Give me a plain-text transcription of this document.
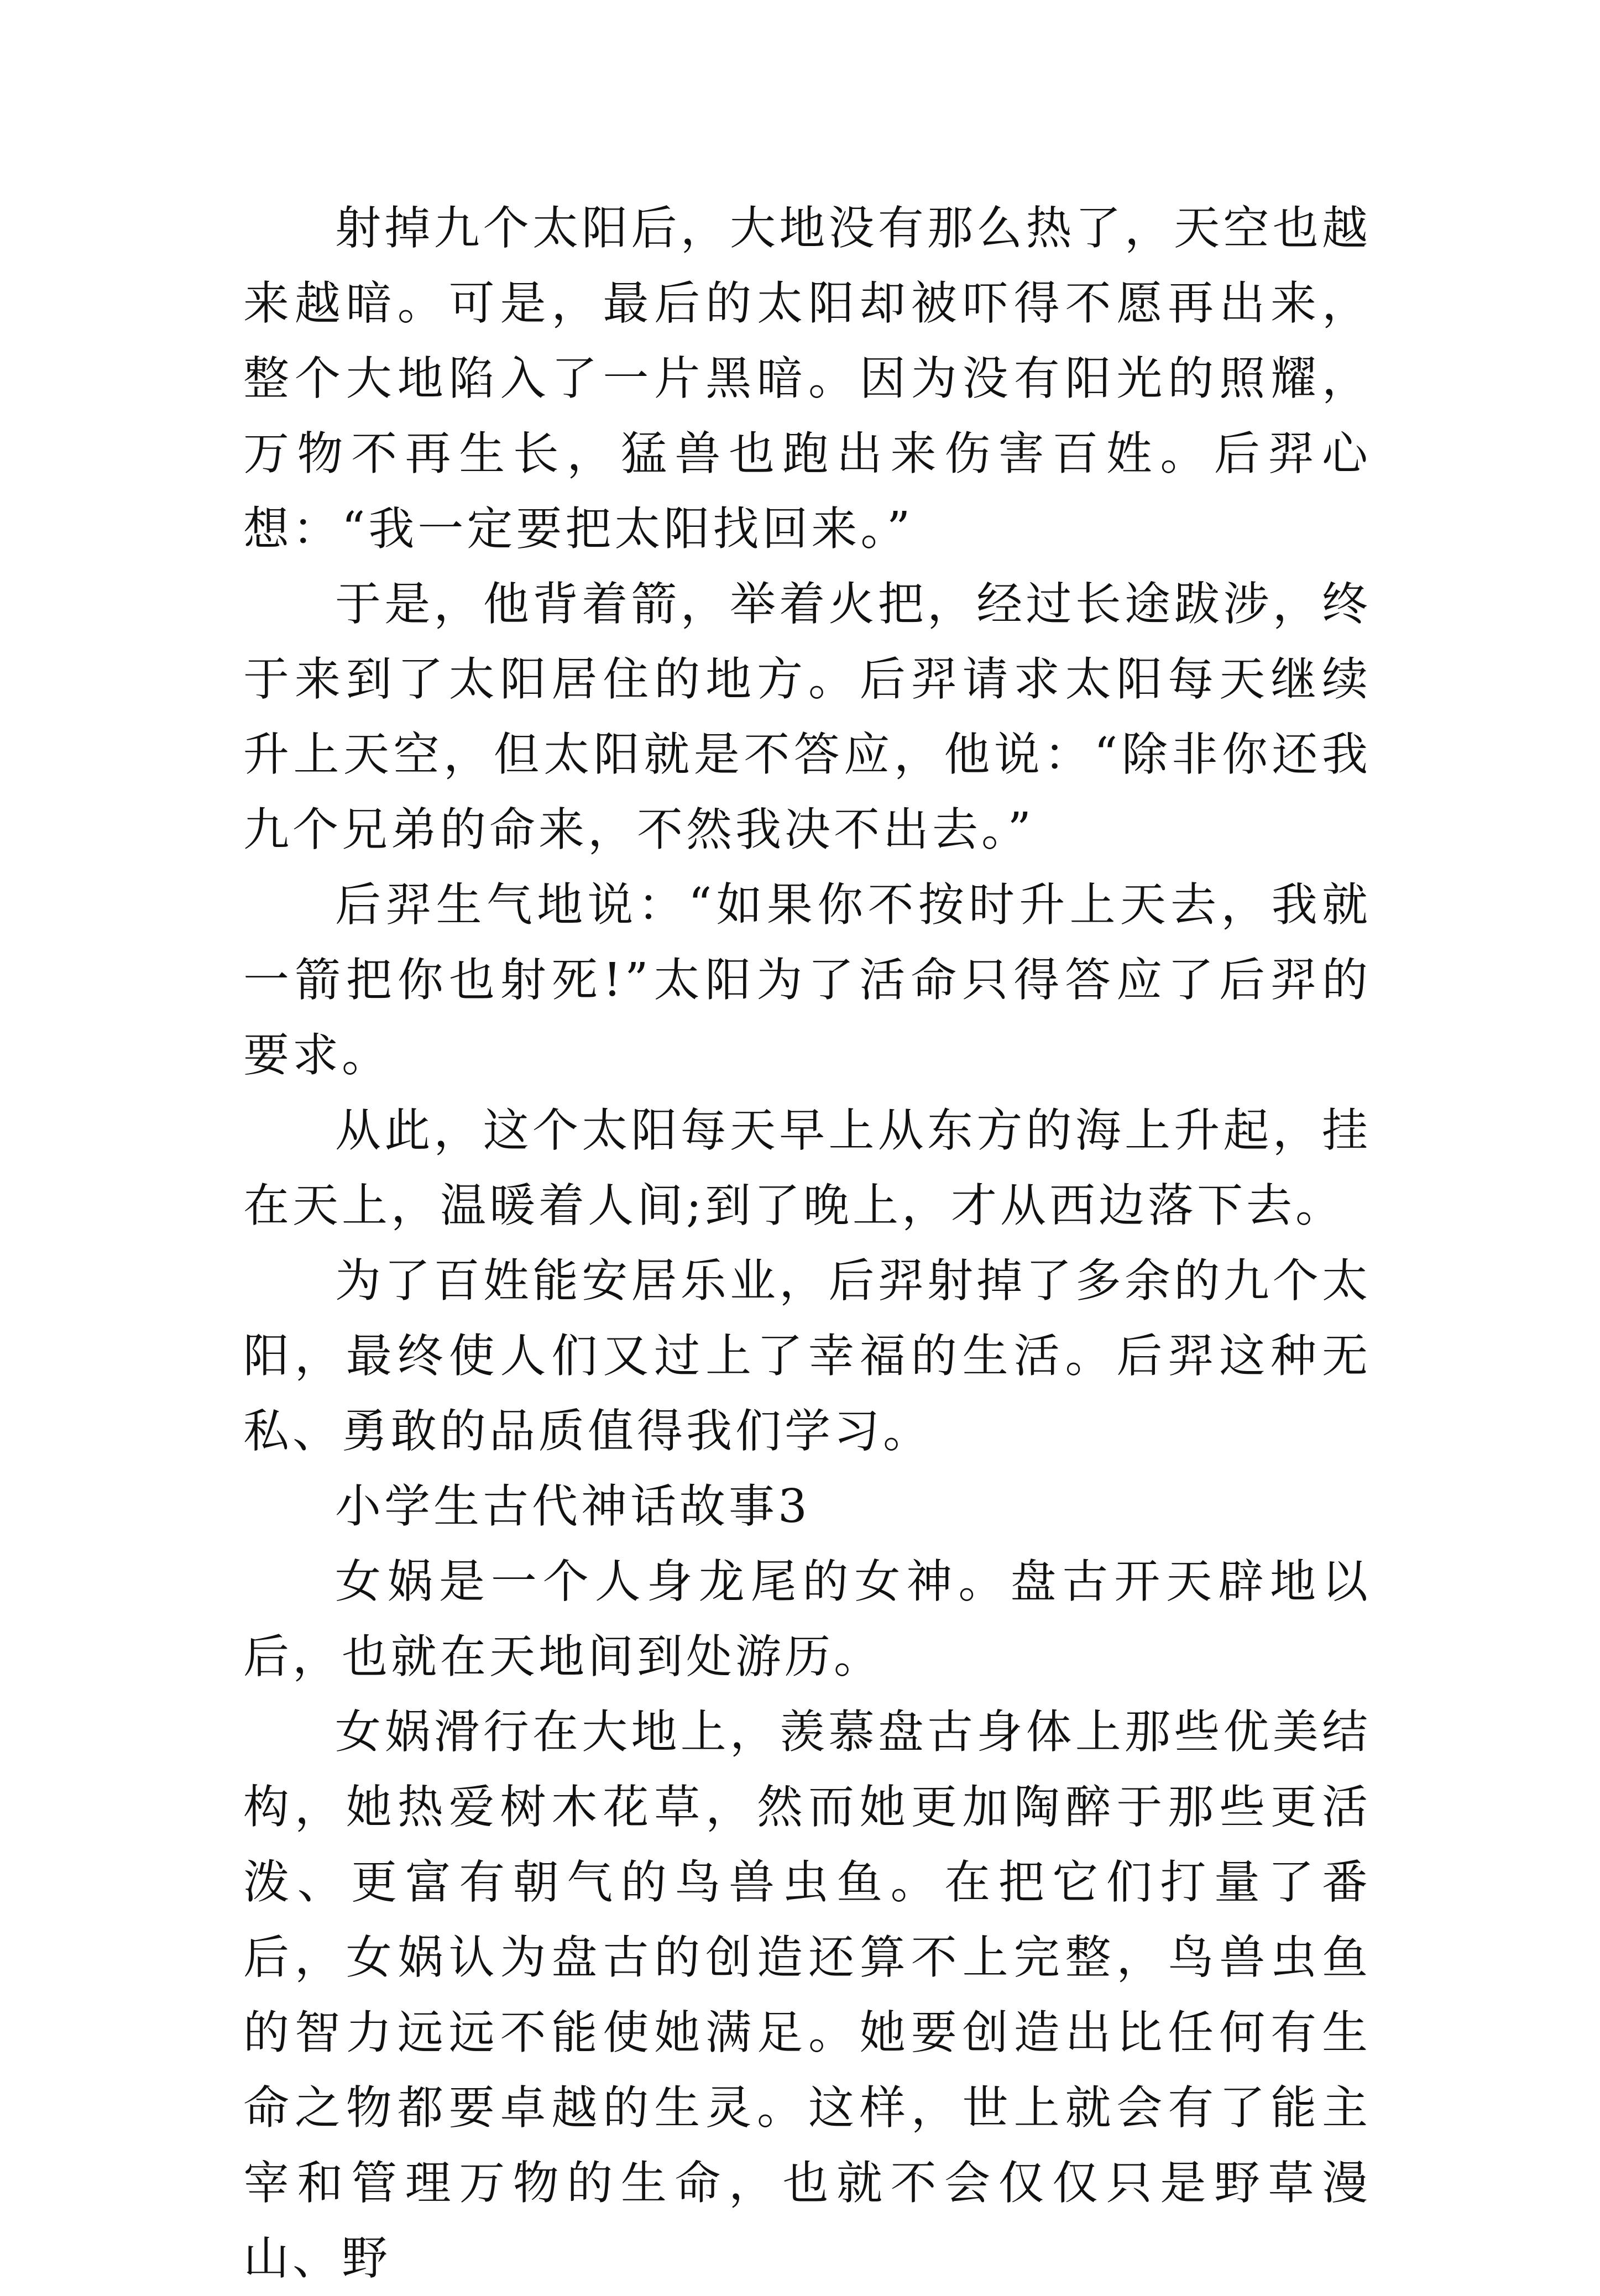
射掉九个太阳后，大地没有那么热了，天空也越来越暗。可是，最后的太阳却被吓得不愿再出来，整个大地陷入了一片黑暗。因为没有阳光的照耀，万物不再生长，猛兽也跑出来伤害百姓。后羿心想：“我一定要把太阳找回来。”

于是，他背着箭，举着火把，经过长途跋涉，终于来到了太阳居住的地方。后羿请求太阳每天继续升上天空，但太阳就是不答应，他说：“除非你还我九个兄弟的命来，不然我决不出去。”

后羿生气地说：“如果你不按时升上天去，我就一箭把你也射死!”太阳为了活命只得答应了后羿的要求。

从此，这个太阳每天早上从东方的海上升起，挂在天上，温暖着人间;到了晚上，才从西边落下去。

为了百姓能安居乐业，后羿射掉了多余的九个太阳，最终使人们又过上了幸福的生活。后羿这种无私、勇敢的品质值得我们学习。

小学生古代神话故事3

女娲是一个人身龙尾的女神。盘古开天辟地以后，也就在天地间到处游历。

女娲滑行在大地上，羡慕盘古身体上那些优美结构，她热爱树木花草，然而她更加陶醉于那些更活泼、更富有朝气的鸟兽虫鱼。在把它们打量了番后，女娲认为盘古的创造还算不上完整，鸟兽虫鱼的智力远远不能使她满足。她要创造出比任何有生命之物都要卓越的生灵。这样，世上就会有了能主宰和管理万物的生命，也就不会仅仅只是野草漫山、野
